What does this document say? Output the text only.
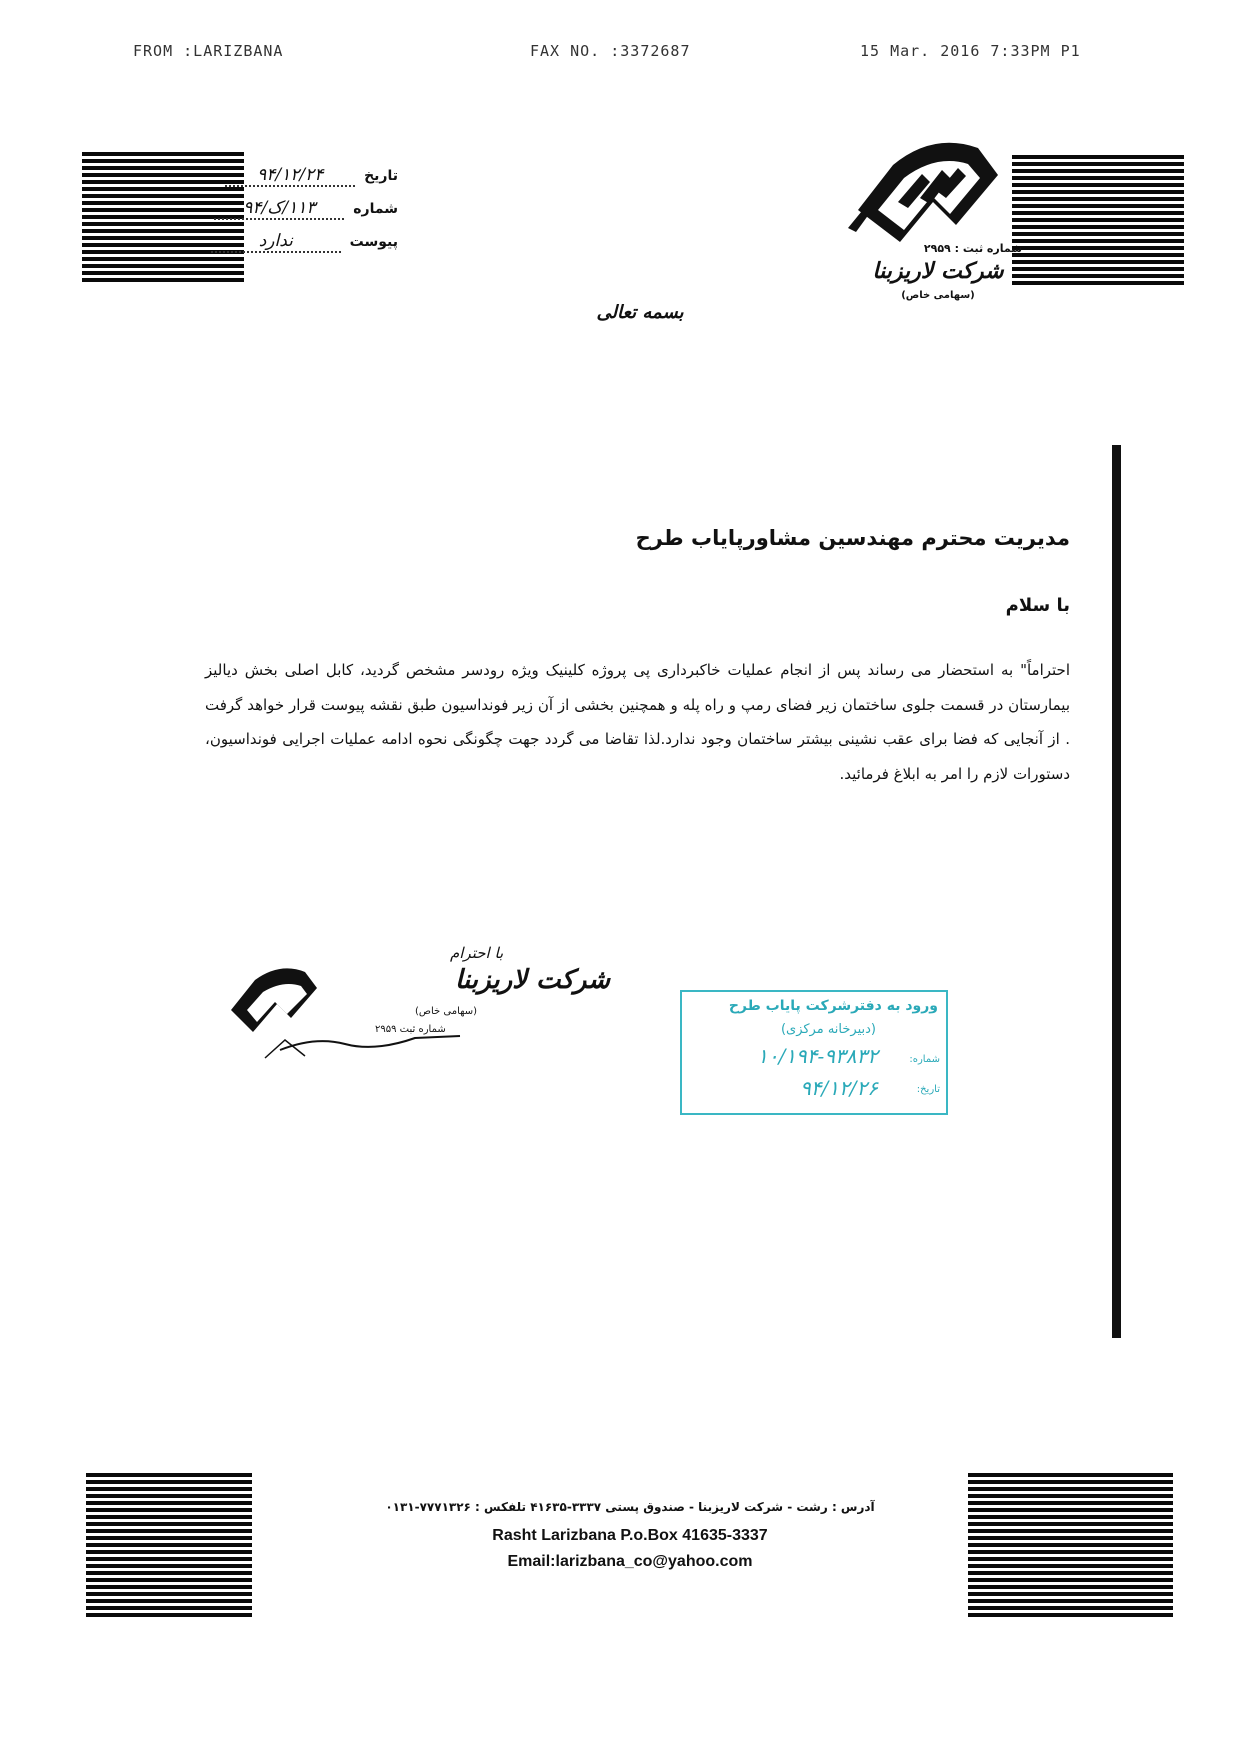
FROM :LARIZBANA	FAX NO. :3372687	15 Mar. 2016 7:33PM P1
تاریخ ۹۴/۱۲/۲۴
شماره ۱۱۳/ک/۹۴
پیوست ندارد	شماره ثبت : ۲۹۵۹
شرکت لاریزبنا
(سهامی خاص)
بسمه تعالی
مدیریت محترم مهندسین مشاورپایاب طرح
با سلام
احتراماً" به استحضار می رساند پس از انجام عملیات خاکبرداری پی پروژه کلینیک ویژه رودسر مشخص گردید، کابل اصلی بخش دیالیز بیمارستان در قسمت جلوی ساختمان زیر فضای رمپ و راه پله و همچنین بخشی از آن زیر فونداسیون طبق نقشه پیوست قرار خواهد گرفت . از آنجایی که فضا برای عقب نشینی بیشتر ساختمان وجود ندارد.لذا تقاضا می گردد جهت چگونگی نحوه ادامه عملیات اجرایی فونداسیون، دستورات لازم را امر به ابلاغ فرمائید.
با احترام
شرکت لاریزبنا
(سهامی خاص)
شماره ثبت ۲۹۵۹
ورود به دفترشرکت پایاب طرح
(دبیرخانه مرکزی)
شماره:
۱۰/۱۹۴-۹۳۸۳۲
تاریخ:
۹۴/۱۲/۲۶
آدرس : رشت - شرکت لاریزبنا - صندوق پستی ۳۳۳۷-۴۱۶۳۵ تلفکس : ۷۷۷۱۳۲۶-۰۱۳۱
Rasht Larizbana P.o.Box 41635-3337
Email:larizbana_co@yahoo.com
